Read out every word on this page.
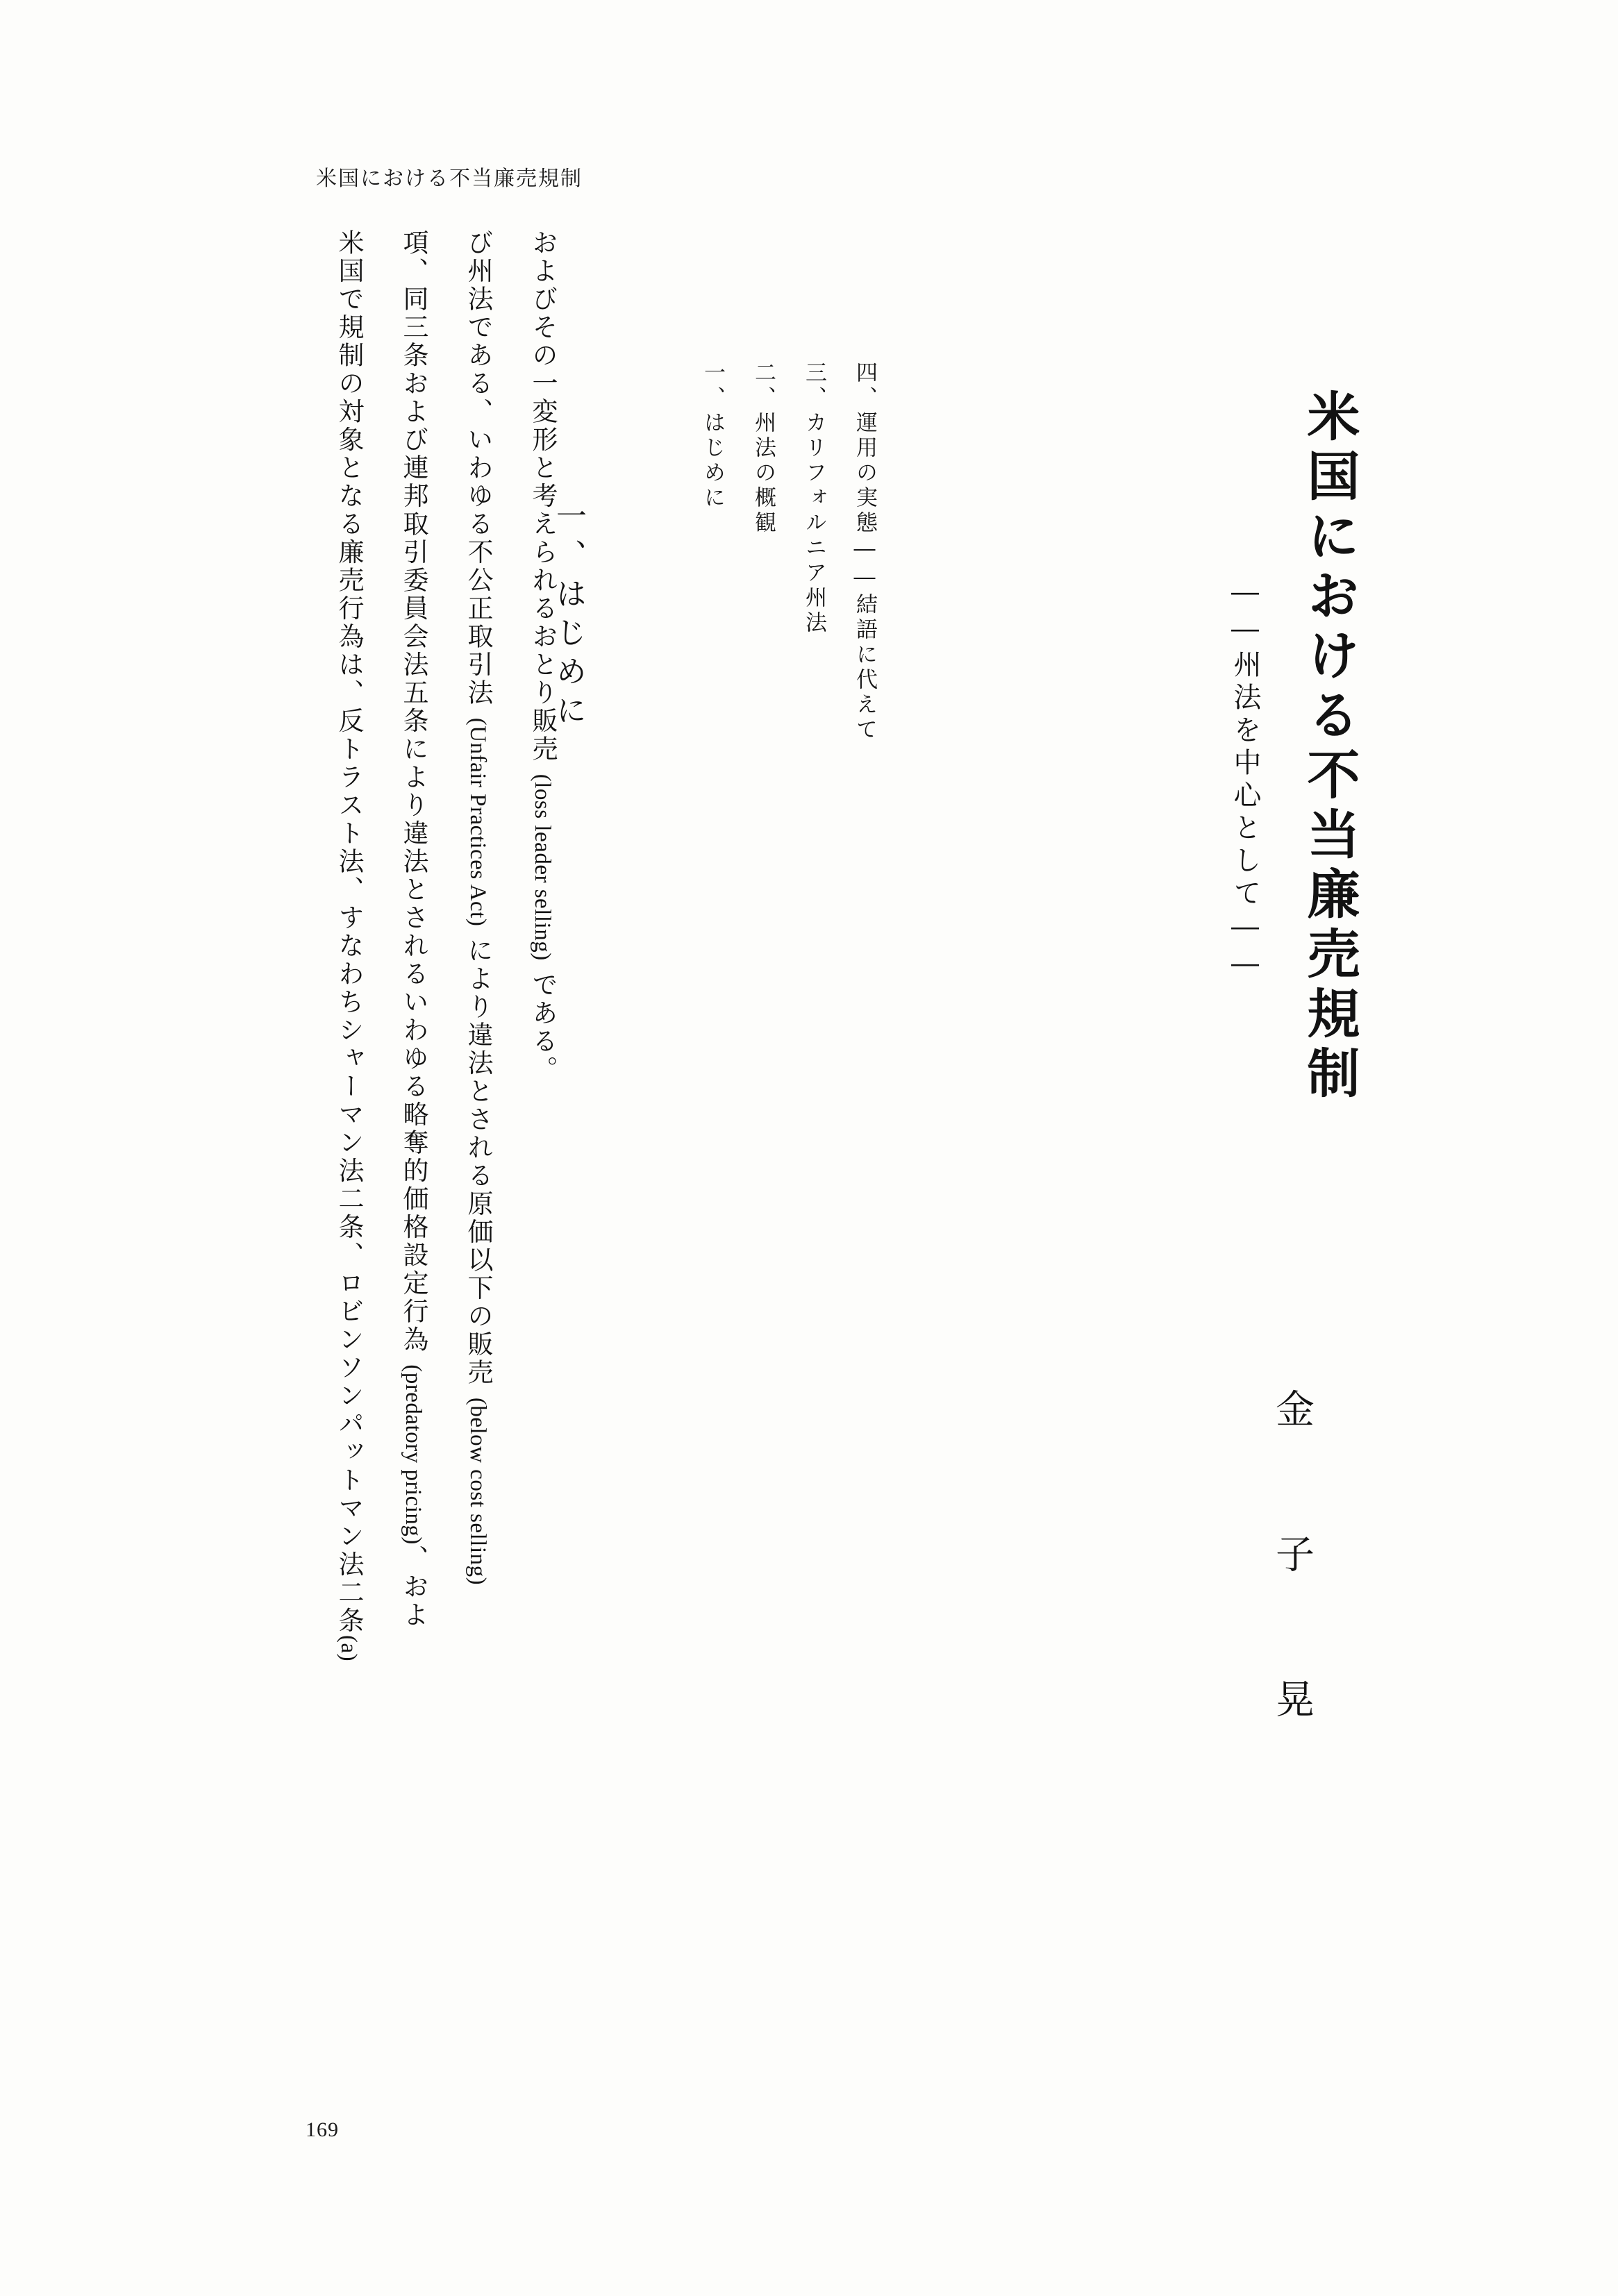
米国における不当廉売規制
米国における不当廉売規制
――州法を中心として――
金 子 晃
一、はじめに 二、州法の概観 三、カリフォルニア州法 四、運用の実態――結語に代えて
一、はじめに
米国で規制の対象となる廉売行為は、反トラスト法、すなわちシャーマン法二条、ロビンソンパットマン法二条(a)
項、同三条および連邦取引委員会法五条により違法とされるいわゆる略奪的価格設定行為 (predatory pricing)、およ
び州法である、いわゆる不公正取引法 (Unfair Practices Act) により違法とされる原価以下の販売 (below cost selling)
およびその一変形と考えられるおとり販売 (loss leader selling) である。
169
